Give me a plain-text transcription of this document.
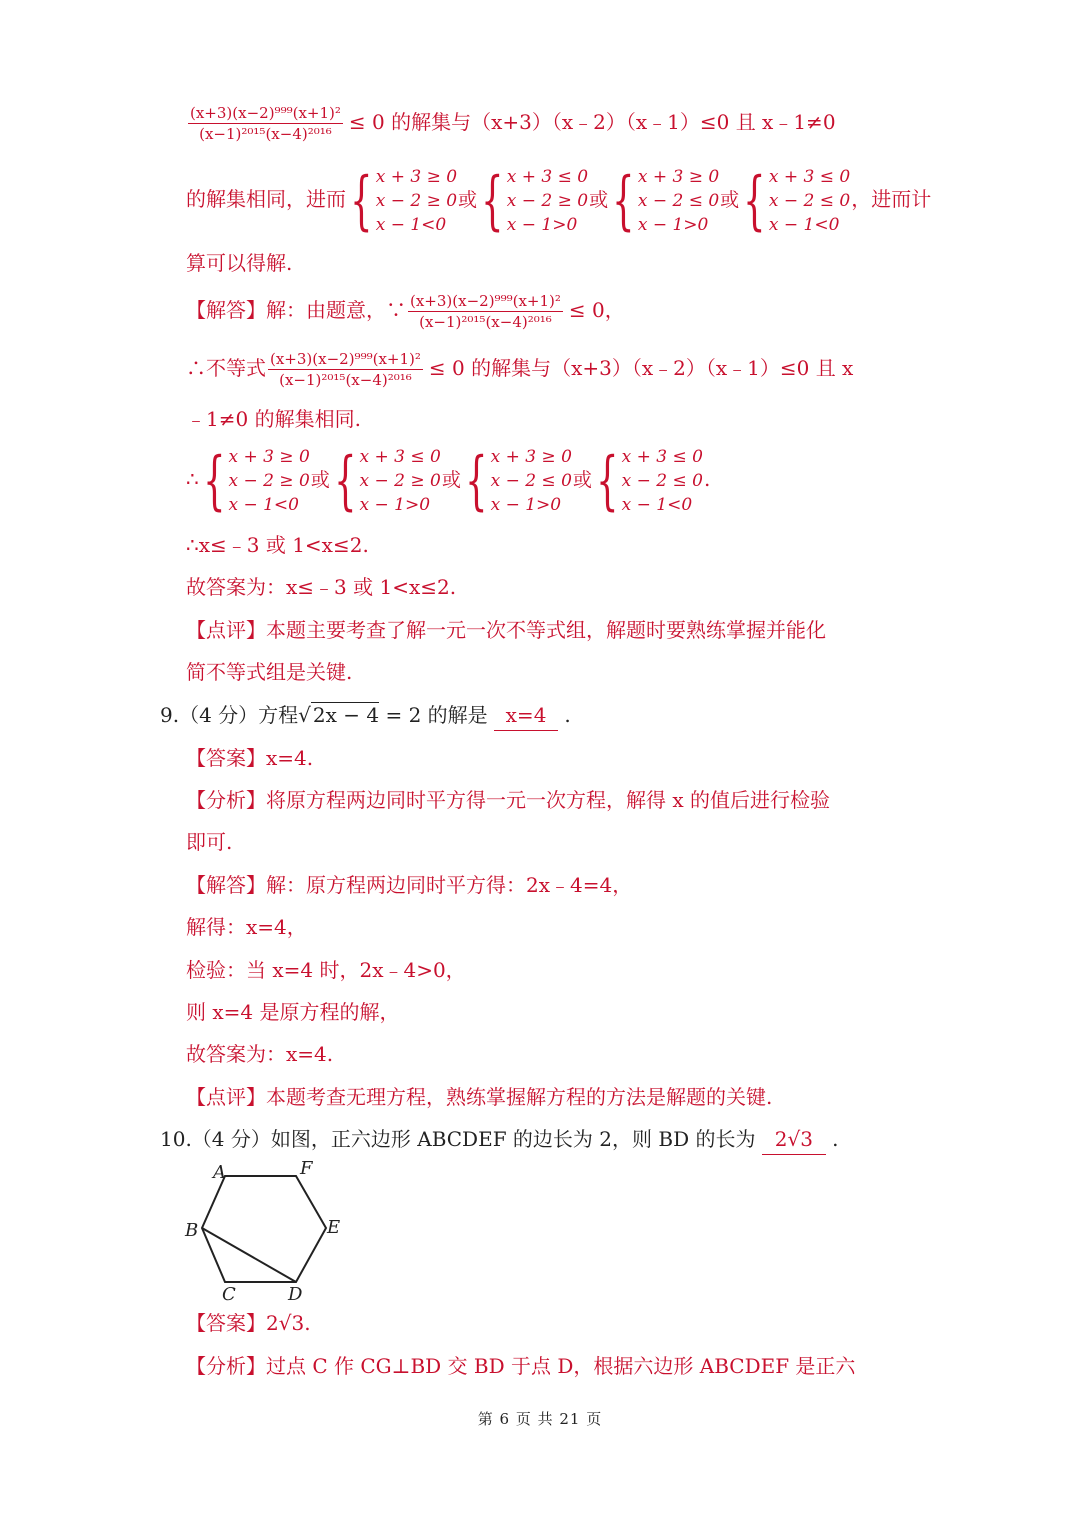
$\frac{\text{(x+3)(x−2)⁹⁹⁹(x+1)²}}{\text{(x−1)²⁰¹⁵(x−4)²⁰¹⁶}} \le 0$ 的解集与（x+3）（x﹣2）（x﹣1）≤0 且 x﹣1≠0
的解集相同，进而 { x + 3 ≥ 0
x − 2 ≥ 0
x − 1<0
或 { x + 3 ≤ 0
x − 2 ≥ 0
x − 1>0
或 { x + 3 ≥ 0
x − 2 ≤ 0
x − 1>0
或 { x + 3 ≤ 0
x − 2 ≤ 0
x − 1<0
，进而计
算可以得解.
【解答】解：由题意，∵ $\frac{\text{(x+3)(x−2)⁹⁹⁹(x+1)²}}{\text{(x−1)²⁰¹⁵(x−4)²⁰¹⁶}} \le 0$，
∴不等式 $\frac{\text{(x+3)(x−2)⁹⁹⁹(x+1)²}}{\text{(x−1)²⁰¹⁵(x−4)²⁰¹⁶}} \le 0$ 的解集与（x+3）（x﹣2）（x﹣1）≤0 且 x
﹣1≠0 的解集相同.
∴ { x + 3 ≥ 0
x − 2 ≥ 0
x − 1<0
或 { x + 3 ≤ 0
x − 2 ≥ 0
x − 1>0
或 { x + 3 ≥ 0
x − 2 ≤ 0
x − 1>0
或 { x + 3 ≤ 0
x − 2 ≤ 0
x − 1<0
.
∴x≤﹣3 或 1<x≤2.
故答案为：x≤﹣3 或 1<x≤2.
【点评】本题主要考查了解一元一次不等式组，解题时要熟练掌握并能化
简不等式组是关键.
9.（4 分）方程√ 2x − 4 = 2 的解是 x=4 .
【答案】x=4.
【分析】将原方程两边同时平方得一元一次方程，解得 x 的值后进行检验
即可.
【解答】解：原方程两边同时平方得：2x﹣4=4，
解得：x=4，
检验：当 x=4 时，2x﹣4>0，
则 x=4 是原方程的解，
故答案为：x=4.
【点评】本题考查无理方程，熟练掌握解方程的方法是解题的关键.
10.（4 分）如图，正六边形 ABCDEF 的边长为 2，则 BD 的长为 2√3 .
A	F
B	E
C	D
【答案】2√3.
【分析】过点 C 作 CG⊥BD 交 BD 于点 D，根据六边形 ABCDEF 是正六
第 6 页 共 21 页
